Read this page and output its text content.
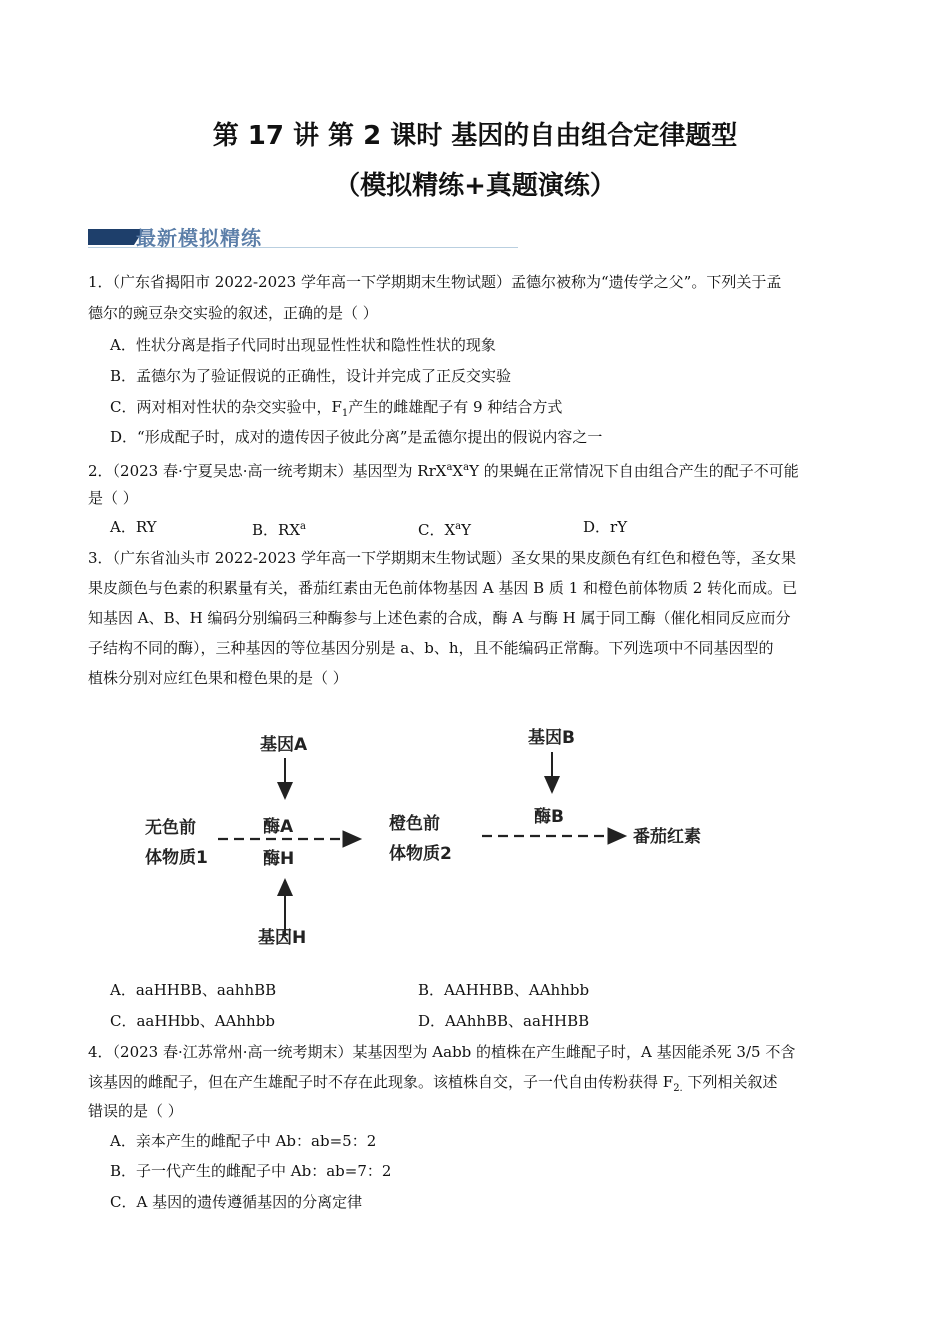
第 17 讲 第 2 课时 基因的自由组合定律题型
（模拟精练+真题演练）
最新模拟精练
1．（广东省揭阳市 2022-2023 学年高一下学期期末生物试题）孟德尔被称为“遗传学之父”。下列关于孟
德尔的豌豆杂交实验的叙述，正确的是（ ）
A．性状分离是指子代同时出现显性性状和隐性性状的现象
B．孟德尔为了验证假说的正确性，设计并完成了正反交实验
C．两对相对性状的杂交实验中，$F_1$产生的雌雄配子有 9 种结合方式
D．“形成配子时，成对的遗传因子彼此分离”是孟德尔提出的假说内容之一
2．（2023 春·宁夏吴忠·高一统考期末）基因型为 $RrX^aX^aY$ 的果蝇在正常情况下自由组合产生的配子不可能
是（ ）
A．RY	B．$RX^a$	C．$X^aY$	D．rY
3．（广东省汕头市 2022-2023 学年高一下学期期末生物试题）圣女果的果皮颜色有红色和橙色等，圣女果
果皮颜色与色素的积累量有关，番茄红素由无色前体物基因 A 基因 B 质 1 和橙色前体物质 2 转化而成。已
知基因 A、B、H 编码分别编码三种酶参与上述色素的合成，酶 A 与酶 H 属于同工酶（催化相同反应而分
子结构不同的酶），三种基因的等位基因分别是 a、b、h，且不能编码正常酶。下列选项中不同基因型的
植株分别对应红色果和橙色果的是（ ）
基因A	基因B
无色前
体物质1
酶A
酶H
基因H
橙色前
体物质2
酶B
番茄红素
A．aaHHBB、aahhBB	B．AAHHBB、AAhhbb
C．aaHHbb、AAhhbb	D．AAhhBB、aaHHBB
4．（2023 春·江苏常州·高一统考期末）某基因型为 Aabb 的植株在产生雌配子时，A 基因能杀死 3/5 不含
该基因的雌配子，但在产生雄配子时不存在此现象。该植株自交，子一代自由传粉获得 $F_{2.}$ 下列相关叙述
错误的是（ ）
A．亲本产生的雌配子中 Ab：ab=5：2
B．子一代产生的雌配子中 Ab：ab=7：2
C．A 基因的遗传遵循基因的分离定律
